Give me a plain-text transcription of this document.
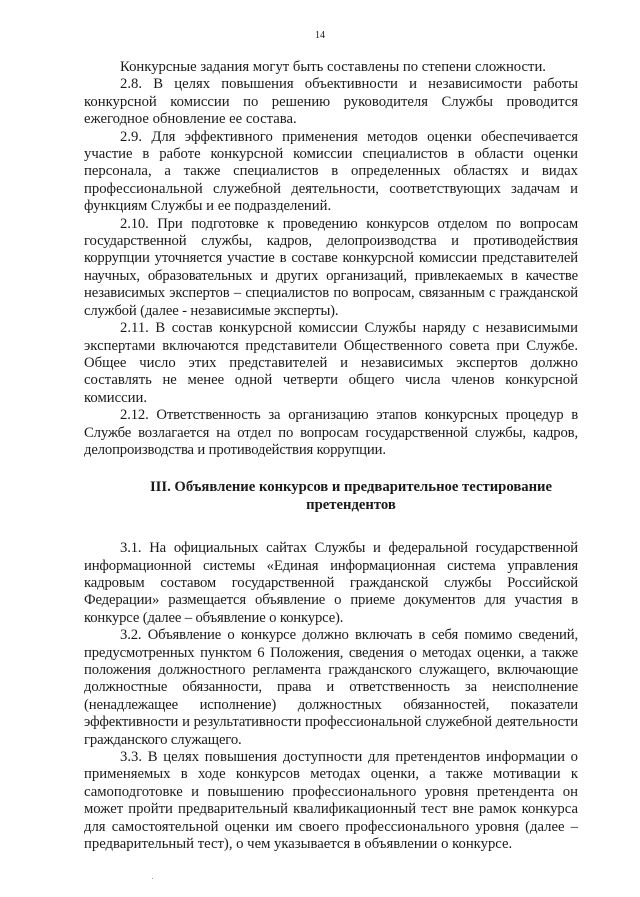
14

Конкурсные задания могут быть составлены по степени сложности.

2.8. В целях повышения объективности и независимости работы конкурсной комиссии по решению руководителя Службы проводится ежегодное обновление ее состава.

2.9. Для эффективного применения методов оценки обеспечивается участие в работе конкурсной комиссии специалистов в области оценки персонала, а также специалистов в определенных областях и видах профессиональной служебной деятельности, соответствующих задачам и функциям Службы и ее подразделений.

2.10. При подготовке к проведению конкурсов отделом по вопросам государственной службы, кадров, делопроизводства и противодействия коррупции уточняется участие в составе конкурсной комиссии представителей научных, образовательных и других организаций, привлекаемых в качестве независимых экспертов – специалистов по вопросам, связанным с гражданской службой (далее - независимые эксперты).

2.11. В состав конкурсной комиссии Службы наряду с независимыми экспертами включаются представители Общественного совета при Службе. Общее число этих представителей и независимых экспертов должно составлять не менее одной четверти общего числа членов конкурсной комиссии.

2.12. Ответственность за организацию этапов конкурсных процедур в Службе возлагается на отдел по вопросам государственной службы, кадров, делопроизводства и противодействия коррупции.

III. Объявление конкурсов и предварительное тестирование претендентов

3.1. На официальных сайтах Службы и федеральной государственной информационной системы «Единая информационная система управления кадровым составом государственной гражданской службы Российской Федерации» размещается объявление о приеме документов для участия в конкурсе (далее – объявление о конкурсе).

3.2. Объявление о конкурсе должно включать в себя помимо сведений, предусмотренных пунктом 6 Положения, сведения о методах оценки, а также положения должностного регламента гражданского служащего, включающие должностные обязанности, права и ответственность за неисполнение (ненадлежащее исполнение) должностных обязанностей, показатели эффективности и результативности профессиональной служебной деятельности гражданского служащего.

3.3. В целях повышения доступности для претендентов информации о применяемых в ходе конкурсов методах оценки, а также мотивации к самоподготовке и повышению профессионального уровня претендента он может пройти предварительный квалификационный тест вне рамок конкурса для самостоятельной оценки им своего профессионального уровня (далее – предварительный тест), о чем указывается в объявлении о конкурсе.
